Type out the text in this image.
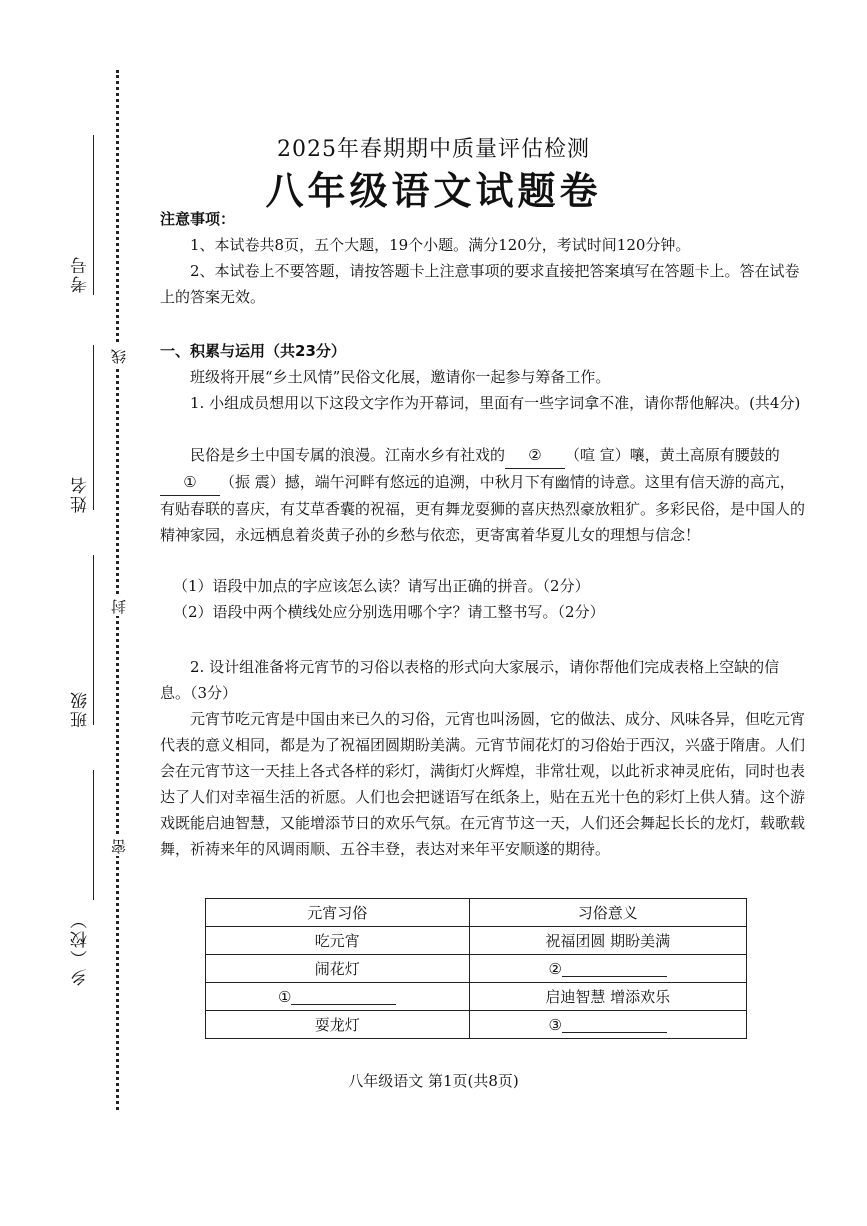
考号
姓名
班级
乡（校）
线
封
密
2025年春期期中质量评估检测
八年级语文试题卷
注意事项：
1、本试卷共8页，五个大题，19个小题。满分120分，考试时间120分钟。
2、本试卷上不要答题，请按答题卡上注意事项的要求直接把答案填写在答题卡上。答在试卷上的答案无效。
一、积累与运用（共23分）
班级将开展“乡土风情”民俗文化展，邀请你一起参与筹备工作。
1. 小组成员想用以下这段文字作为开幕词，里面有一些字词拿不准，请你帮他解决。(共4分)
民俗是乡土中国专属的浪漫。江南水乡有社戏的 ② （喧 宣）嚷，黄土高原有腰鼓的① （振 震）撼，端午河畔有悠远的追溯，中秋月下有幽情的诗意。这里有信天游的高亢，有贴春联的喜庆，有艾草香囊的祝福，更有舞龙耍狮的喜庆热烈豪放粗犷。多彩民俗，是中国人的精神家园，永远栖息着炎黄子孙的乡愁与依恋，更寄寓着华夏儿女的理想与信念！
（1）语段中加点的字应该怎么读？请写出正确的拼音。（2分）
（2）语段中两个横线处应分别选用哪个字？请工整书写。（2分）
2. 设计组准备将元宵节的习俗以表格的形式向大家展示，请你帮他们完成表格上空缺的信息。（3分）
元宵节吃元宵是中国由来已久的习俗，元宵也叫汤圆，它的做法、成分、风味各异，但吃元宵代表的意义相同，都是为了祝福团圆期盼美满。元宵节闹花灯的习俗始于西汉，兴盛于隋唐。人们会在元宵节这一天挂上各式各样的彩灯，满街灯火辉煌，非常壮观，以此祈求神灵庇佑，同时也表达了人们对幸福生活的祈愿。人们也会把谜语写在纸条上，贴在五光十色的彩灯上供人猜。这个游戏既能启迪智慧，又能增添节日的欢乐气氛。在元宵节这一天，人们还会舞起长长的龙灯，载歌载舞，祈祷来年的风调雨顺、五谷丰登，表达对来年平安顺遂的期待。
元宵习俗	习俗意义
吃元宵	祝福团圆 期盼美满
闹花灯	②
①	启迪智慧 增添欢乐
耍龙灯	③
八年级语文 第1页(共8页)
